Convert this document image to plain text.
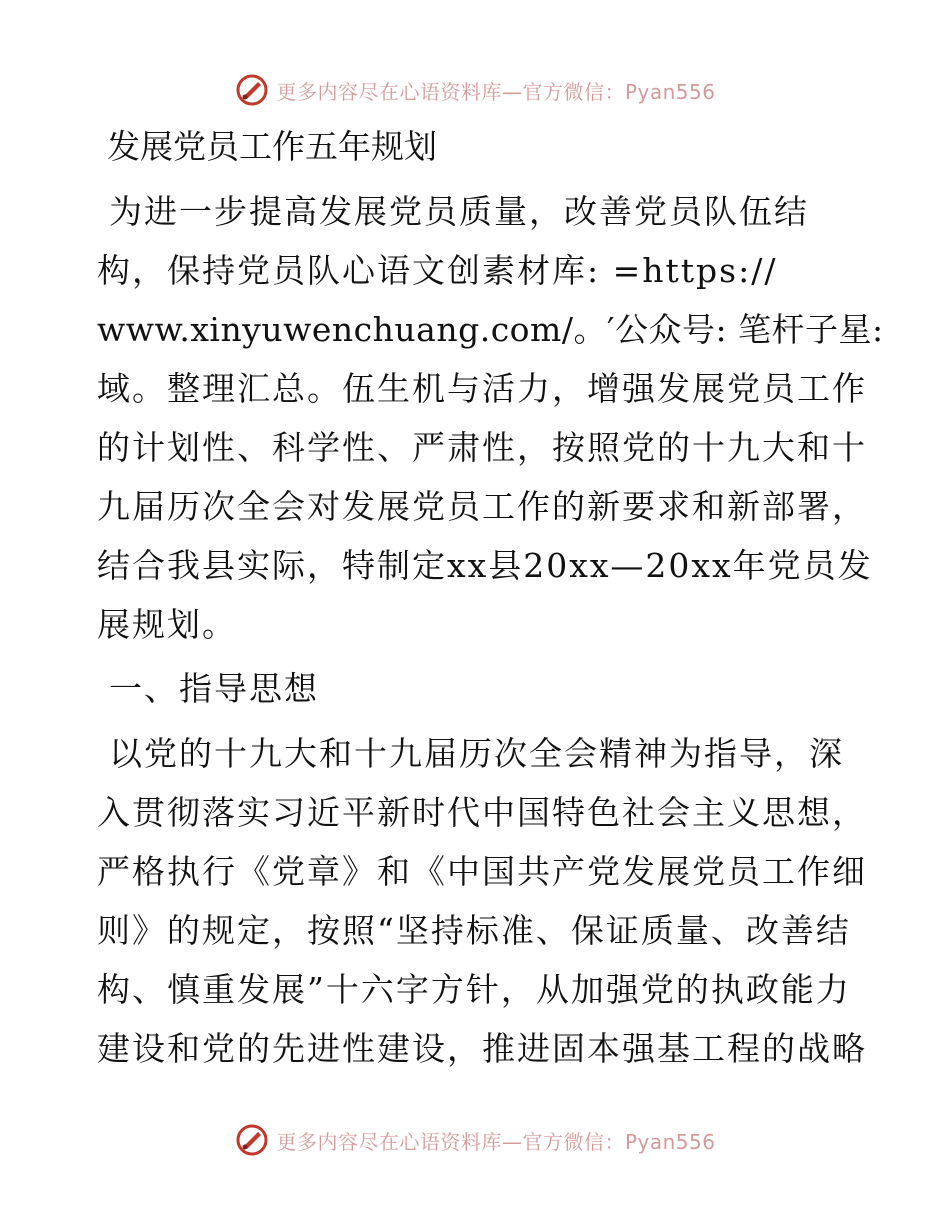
更多内容尽在心语资料库—官方微信：Pyan556
发展党员工作五年规划

为进一步提高发展党员质量，改善党员队伍结
构，保持党员队心语文创素材库: =https://
www.xinyuwenchuang.com/。′公众号: 笔杆子星:
域。整理汇总。伍生机与活力，增强发展党员工作
的计划性、科学性、严肃性，按照党的十九大和十
九届历次全会对发展党员工作的新要求和新部署，
结合我县实际，特制定xx县20xx—20xx年党员发
展规划。

一、指导思想

以党的十九大和十九届历次全会精神为指导，深
入贯彻落实习近平新时代中国特色社会主义思想，
严格执行《党章》和《中国共产党发展党员工作细
则》的规定，按照“坚持标准、保证质量、改善结
构、慎重发展”十六字方针，从加强党的执政能力
建设和党的先进性建设，推进固本强基工程的战略

更多内容尽在心语资料库—官方微信：Pyan556
